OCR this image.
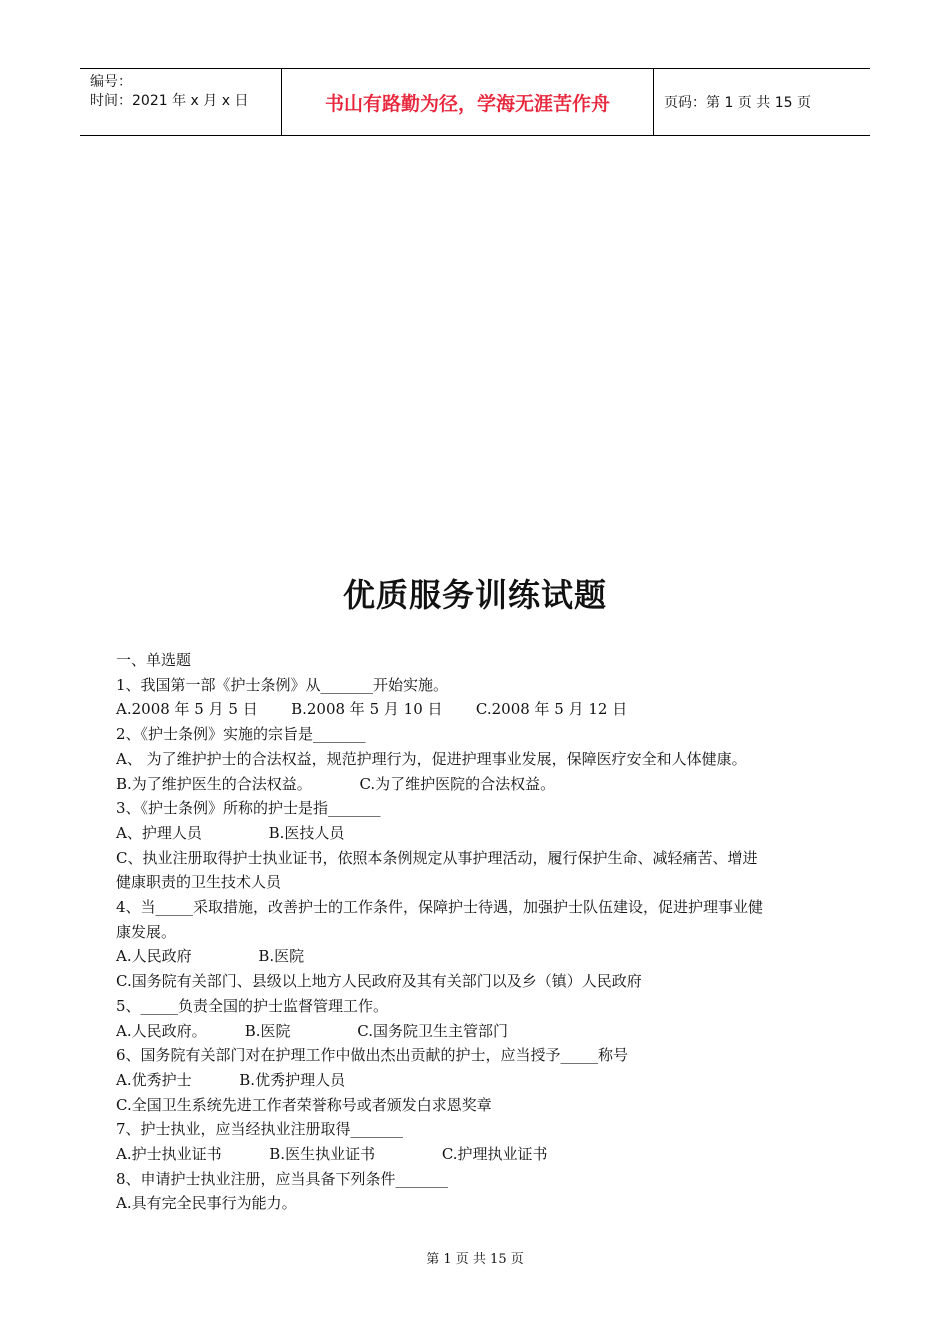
编号：
时间：2021 年 x 月 x 日	书山有路勤为径，学海无涯苦作舟	页码：第 1 页 共 15 页
优质服务训练试题
一、单选题
1、我国第一部《护士条例》从_______开始实施。
A.2008 年 5 月 5 日       B.2008 年 5 月 10 日       C.2008 年 5 月 12 日
2、《护士条例》实施的宗旨是_______
A、 为了维护护士的合法权益，规范护理行为，促进护理事业发展，保障医疗安全和人体健康。
B.为了维护医生的合法权益。          C.为了维护医院的合法权益。
3、《护士条例》所称的护士是指_______
A、护理人员              B.医技人员
C、执业注册取得护士执业证书，依照本条例规定从事护理活动，履行保护生命、减轻痛苦、增进
健康职责的卫生技术人员
4、当_____采取措施，改善护士的工作条件，保障护士待遇，加强护士队伍建设，促进护理事业健
康发展。
A.人民政府              B.医院
C.国务院有关部门、县级以上地方人民政府及其有关部门以及乡（镇）人民政府
5、_____负责全国的护士监督管理工作。
A.人民政府。        B.医院              C.国务院卫生主管部门
6、国务院有关部门对在护理工作中做出杰出贡献的护士，应当授予_____称号
A.优秀护士          B.优秀护理人员
C.全国卫生系统先进工作者荣誉称号或者颁发白求恩奖章
7、护士执业，应当经执业注册取得_______
A.护士执业证书          B.医生执业证书              C.护理执业证书
8、申请护士执业注册，应当具备下列条件_______
A.具有完全民事行为能力。
第 1 页 共 15 页
